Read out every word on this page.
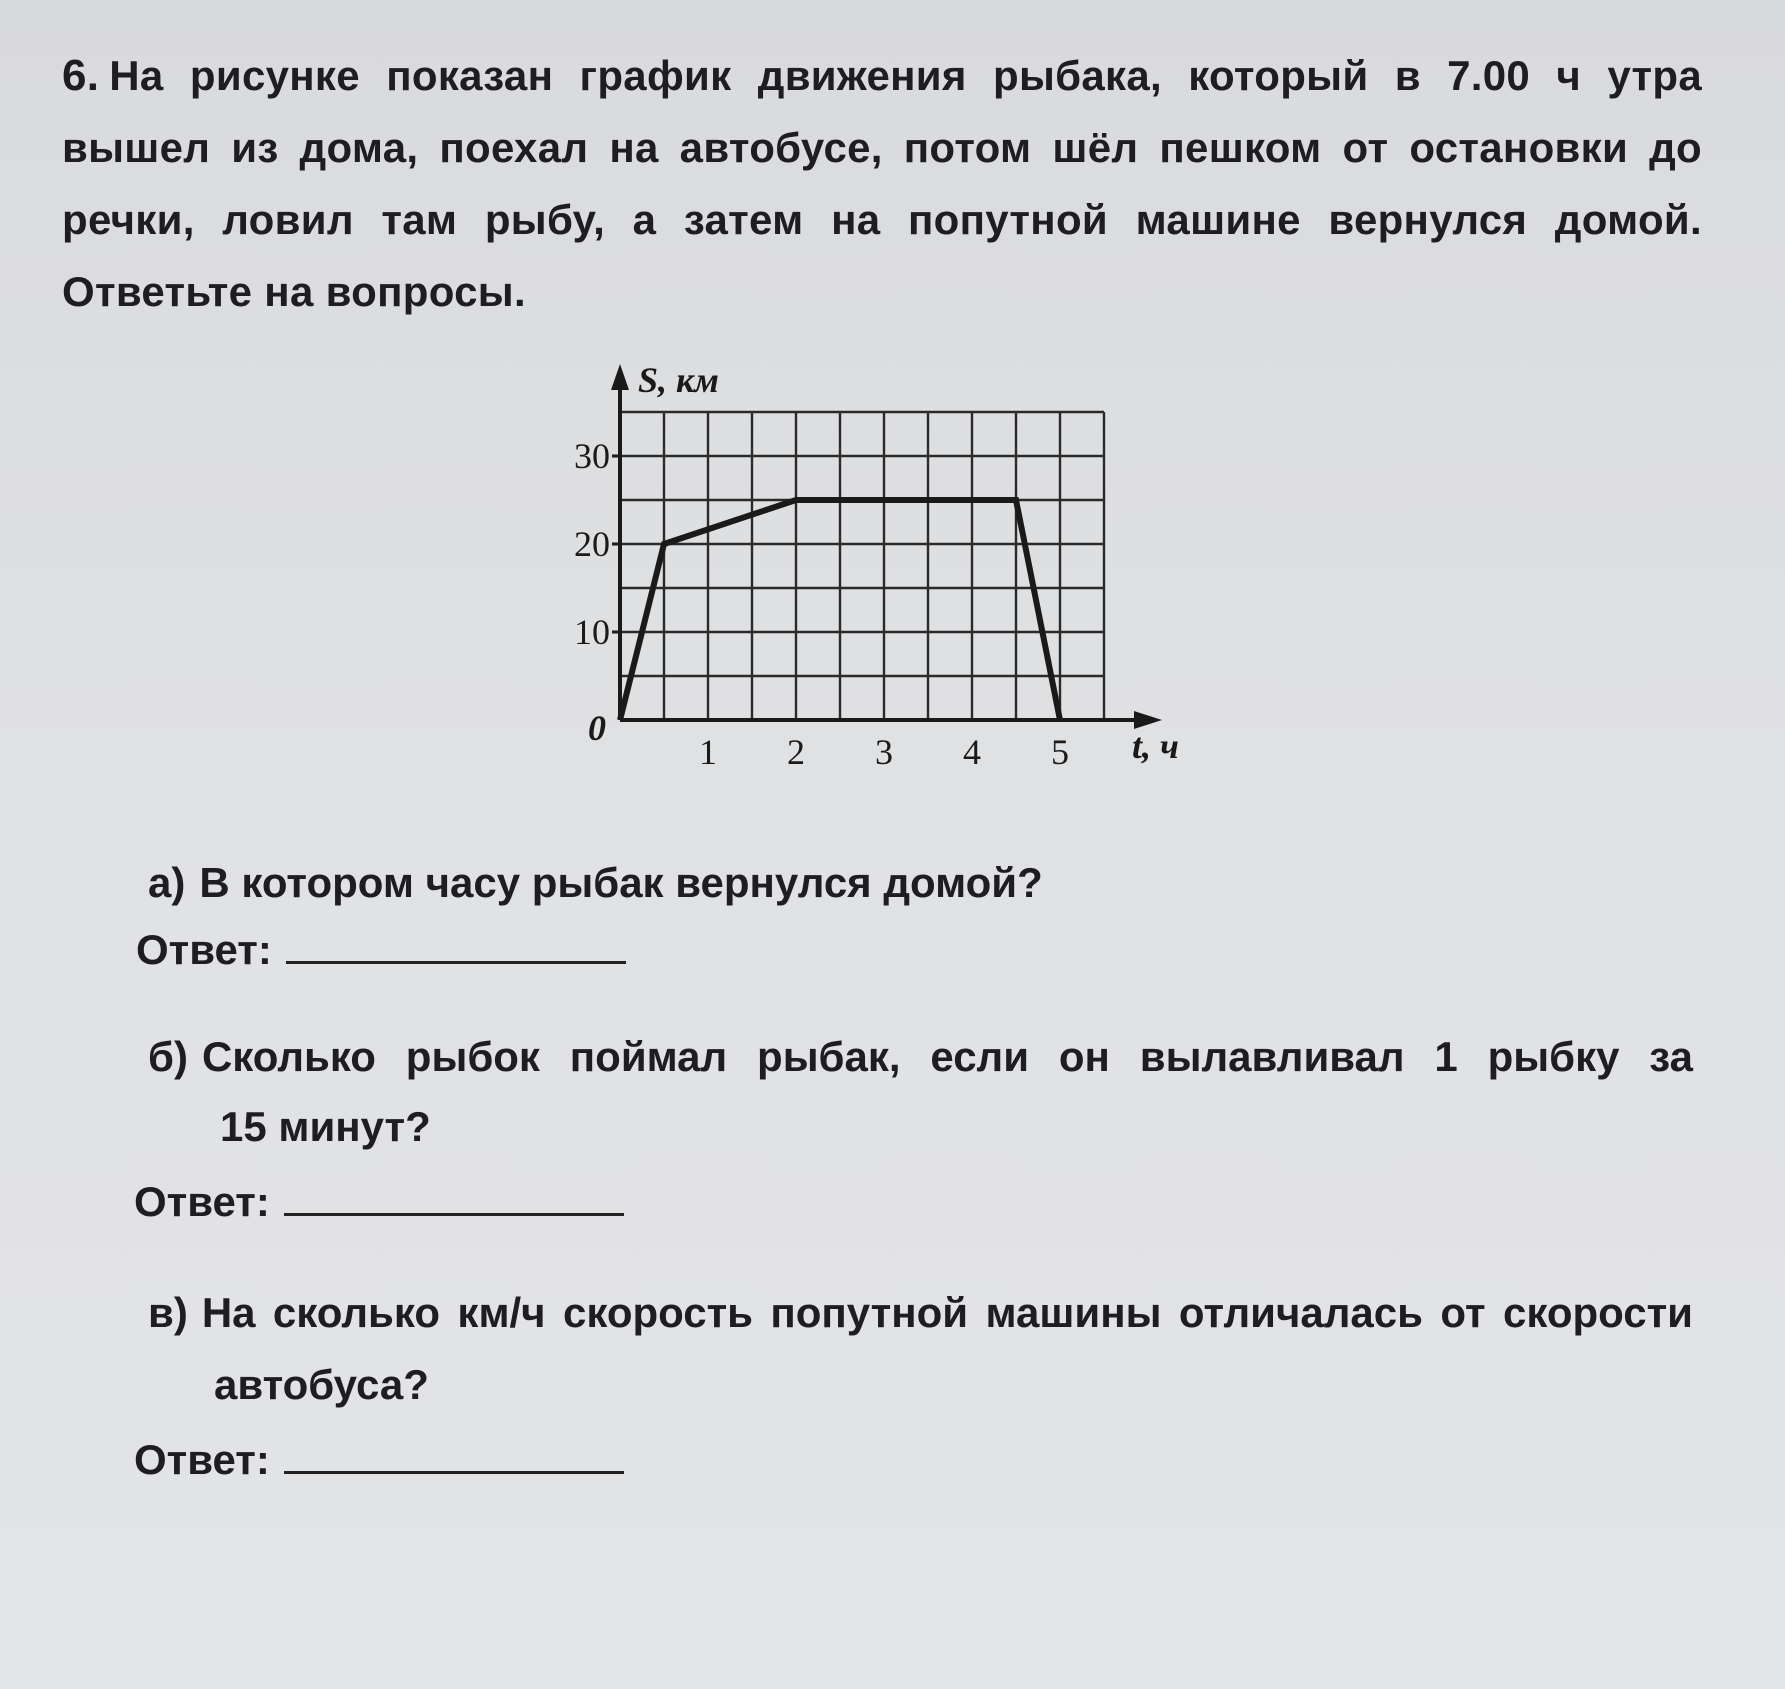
6. На рисунке показан график движения рыбака, который в 7.00 ч утра вышел из дома, поехал на автобусе, потом шёл пешком от остановки до речки, ловил там рыбу, а затем на попутной машине вернулся домой. Ответьте на вопросы.
1 2 3 4 5
10
20
30
S, км
t, ч
0
а) В котором часу рыбак вернулся домой?
Ответ:
б) Сколько рыбок поймал рыбак, если он вылавливал 1 рыбку за
15 минут?
Ответ:
в) На сколько км/ч скорость попутной машины отличалась от скорости
автобуса?
Ответ:
